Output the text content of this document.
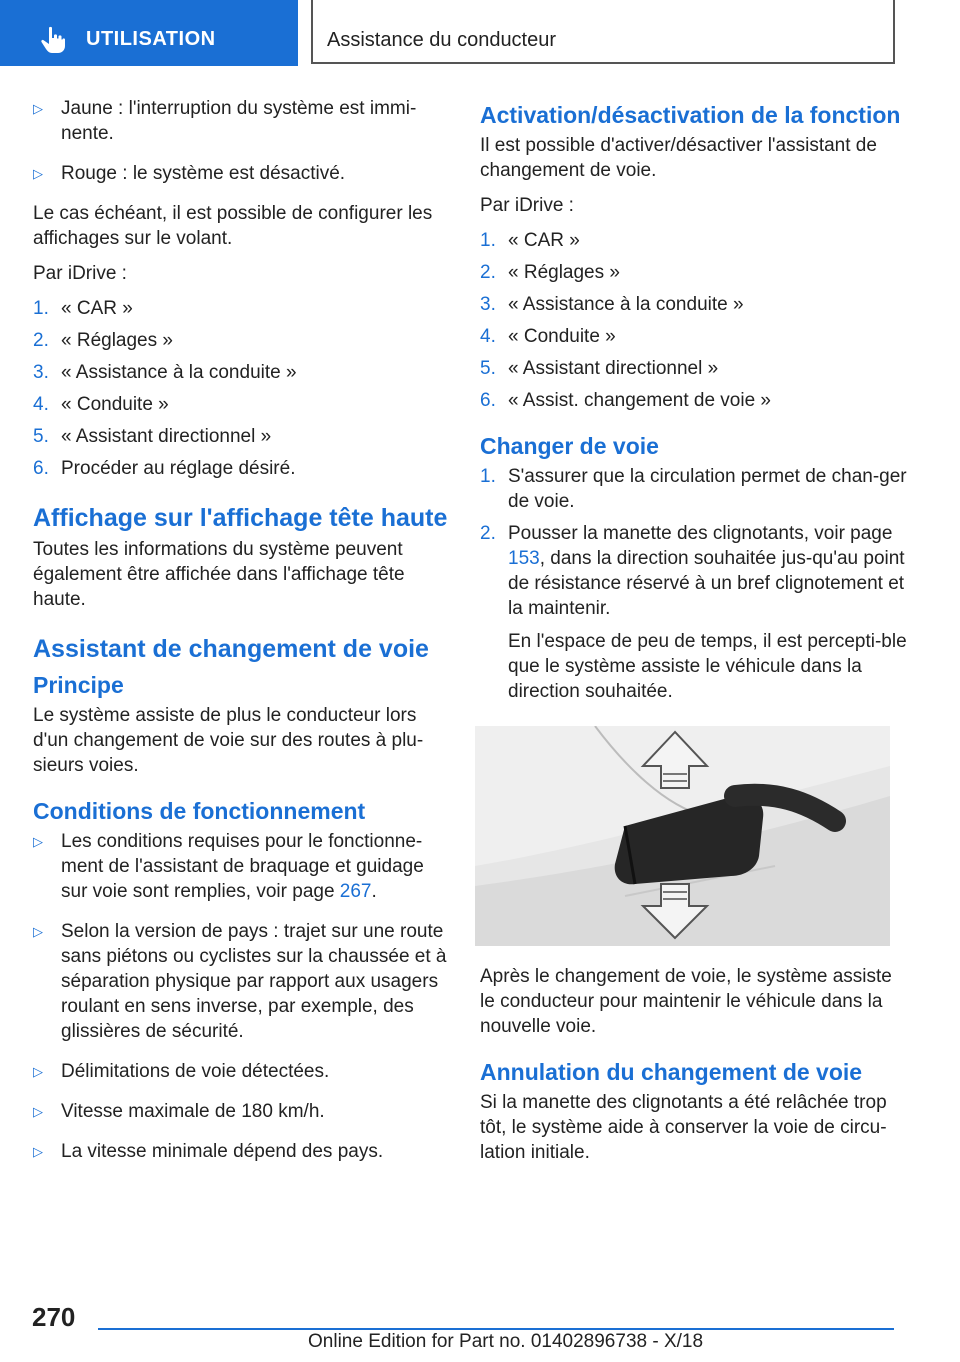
UTILISATION	Assistance du conducteur
▷ Jaune : l'interruption du système est immi-
nente.
▷ Rouge : le système est désactivé.

Le cas échéant, il est possible de configurer les affichages sur le volant.

Par iDrive :

1. « CAR »
2. « Réglages »
3. « Assistance à la conduite »
4. « Conduite »
5. « Assistant directionnel »
6. Procéder au réglage désiré.
Affichage sur l'affichage tête haute

Toutes les informations du système peuvent également être affichée dans l'affichage tête haute.

Assistant de changement de voie
Principe

Le système assiste de plus le conducteur lors d'un changement de voie sur des routes à plu-sieurs voies.

Conditions de fonctionnement
▷ Les conditions requises pour le fonctionne-ment de l'assistant de braquage et guidage sur voie sont remplies, voir page 267.
▷ Selon la version de pays : trajet sur une route sans piétons ou cyclistes sur la chaussée et à séparation physique par rapport aux usagers roulant en sens inverse, par exemple, des glissières de sécurité.
▷ Délimitations de voie détectées.
▷ Vitesse maximale de 180 km/h.
▷ La vitesse minimale dépend des pays.
Activation/désactivation de la fonction

Il est possible d'activer/désactiver l'assistant de changement de voie.

Par iDrive :

1. « CAR »
2. « Réglages »
3. « Assistance à la conduite »
4. « Conduite »
5. « Assistant directionnel »
6. « Assist. changement de voie »
Changer de voie
1. S'assurer que la circulation permet de chan-ger de voie.
2. Pousser la manette des clignotants, voir page 153, dans la direction souhaitée jus-qu'au point de résistance réservé à un bref clignotement et la maintenir.
En l'espace de peu de temps, il est percepti-ble que le système assiste le véhicule dans la direction souhaitée.

Après le changement de voie, le système assiste le conducteur pour maintenir le véhicule dans la nouvelle voie.

Annulation du changement de voie

Si la manette des clignotants a été relâchée trop tôt, le système aide à conserver la voie de circu-lation initiale.

270
Online Edition for Part no. 01402896738 - X/18
